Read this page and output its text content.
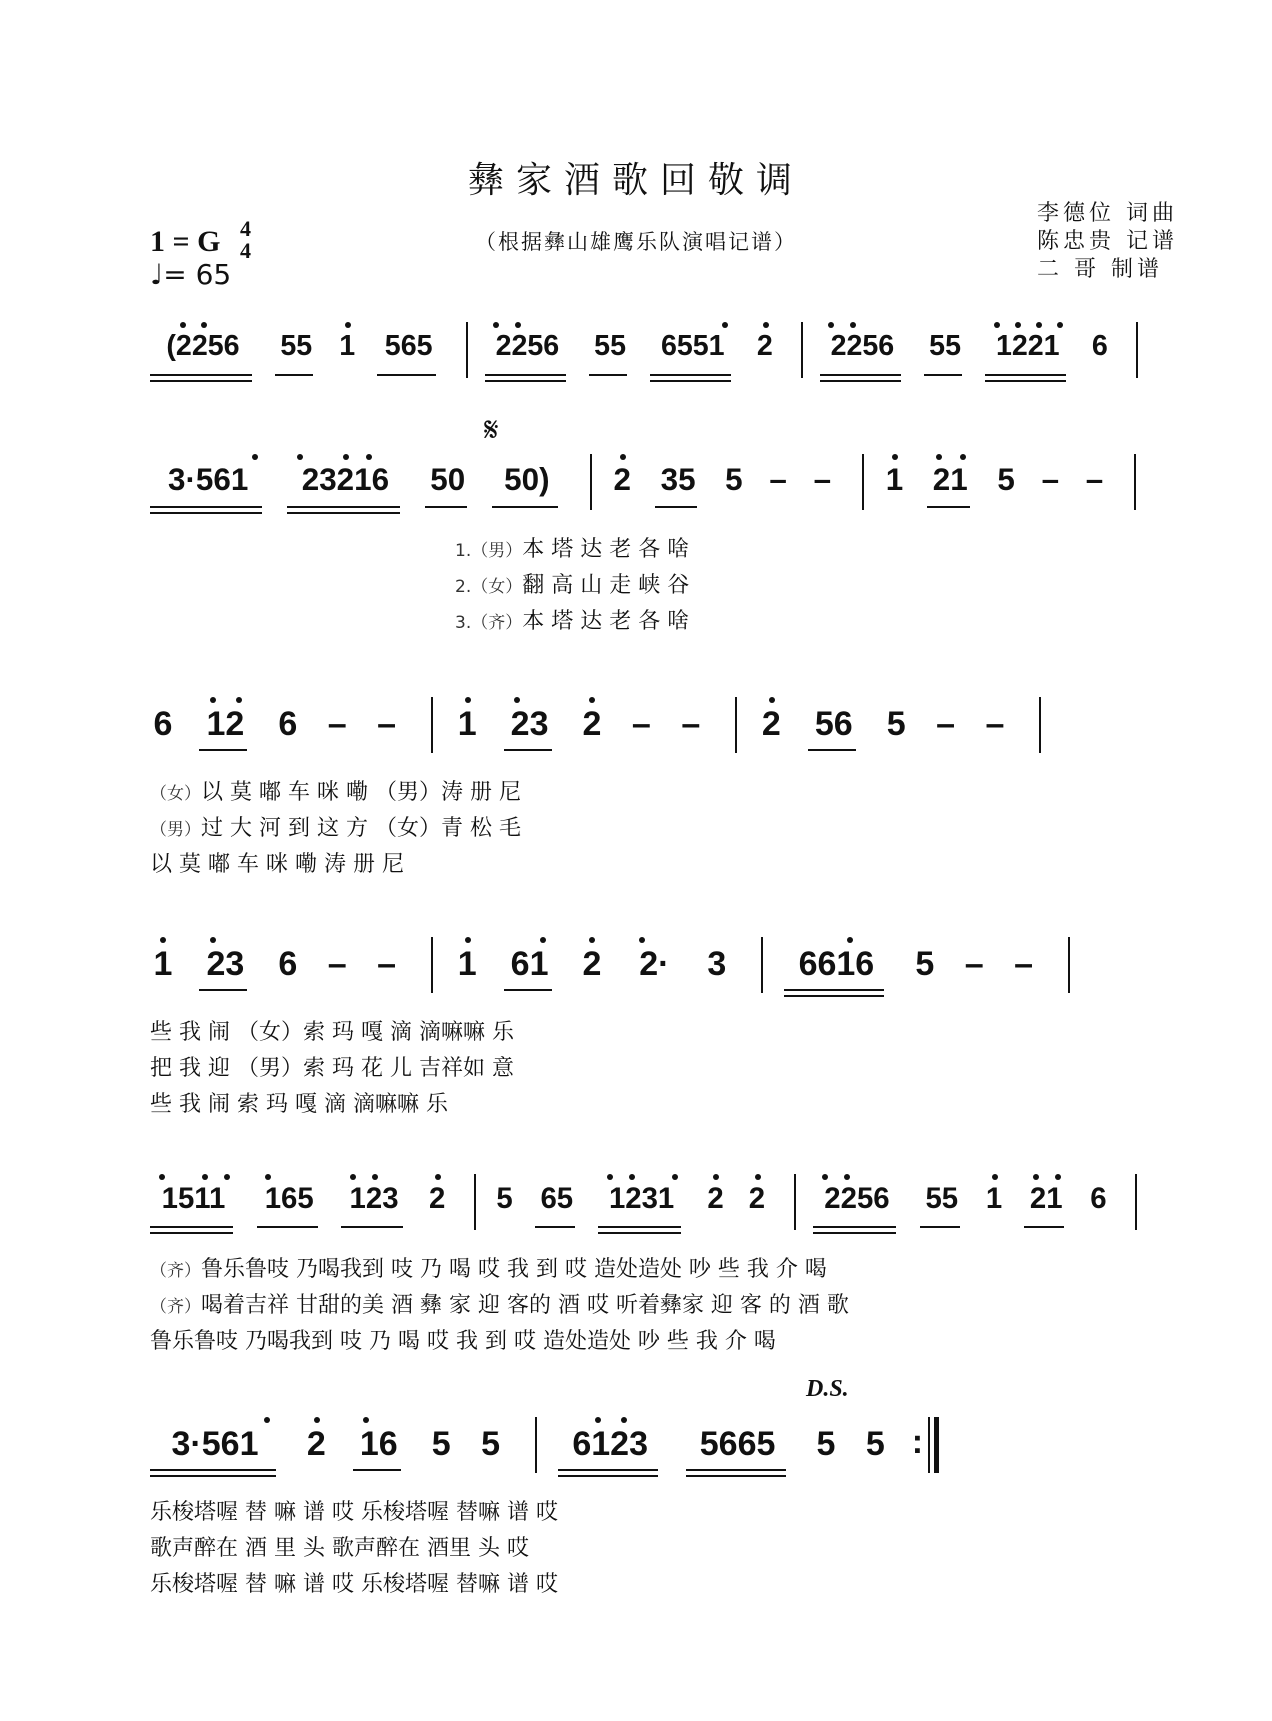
彝家酒歌回敬调
（根据彝山雄鹰乐队演唱记谱）
李德位 词曲
陈忠贵 记谱
二 哥 制谱
1 = G 4
4
♩= 65
𝄋
D.S.
(2256	55 1 565	2256	55	6551	2	2256	55	1221	6
3·561	23216	50	50)	2 35 5 – – 1 21 5 – –
1.（男）本 塔 达 老 各 啥
2.（女）翻 高 山 走 峡 谷
3.（齐）本 塔 达 老 各 啥
6 12 6 – – 1 23 2 – – 2 56 5 – –
（女）以 莫 嘟 车 咪 嘞 （男）涛 册 尼
（男）过 大 河 到 这 方 （女）青 松 毛
以 莫 嘟 车 咪 嘞 涛 册 尼
1 23 6 – – 1 61 2	2·	3	6616	5 – –
些 我 闹 （女）索 玛 嘎 滴 滴嘛嘛 乐
把 我 迎 （男）索 玛 花 儿 吉祥如 意
些 我 闹 索 玛 嘎 滴 滴嘛嘛 乐
1511	165 123 2 5 65	1231	2 2	2256	55 1 21 6
（齐）鲁乐鲁吱 乃喝我到 吱 乃 喝 哎 我 到 哎 造处造处 吵 些 我 介 喝
（齐）喝着吉祥 甘甜的美 酒 彝 家 迎 客的 酒 哎 听着彝家 迎 客 的 酒 歌
鲁乐鲁吱 乃喝我到 吱 乃 喝 哎 我 到 哎 造处造处 吵 些 我 介 喝
3·561	2 16 5 5	6123	5665	5 5 :
乐梭塔喔 替 嘛 谱 哎 乐梭塔喔 替嘛 谱 哎
歌声醉在 酒 里 头 歌声醉在 酒里 头 哎
乐梭塔喔 替 嘛 谱 哎 乐梭塔喔 替嘛 谱 哎
